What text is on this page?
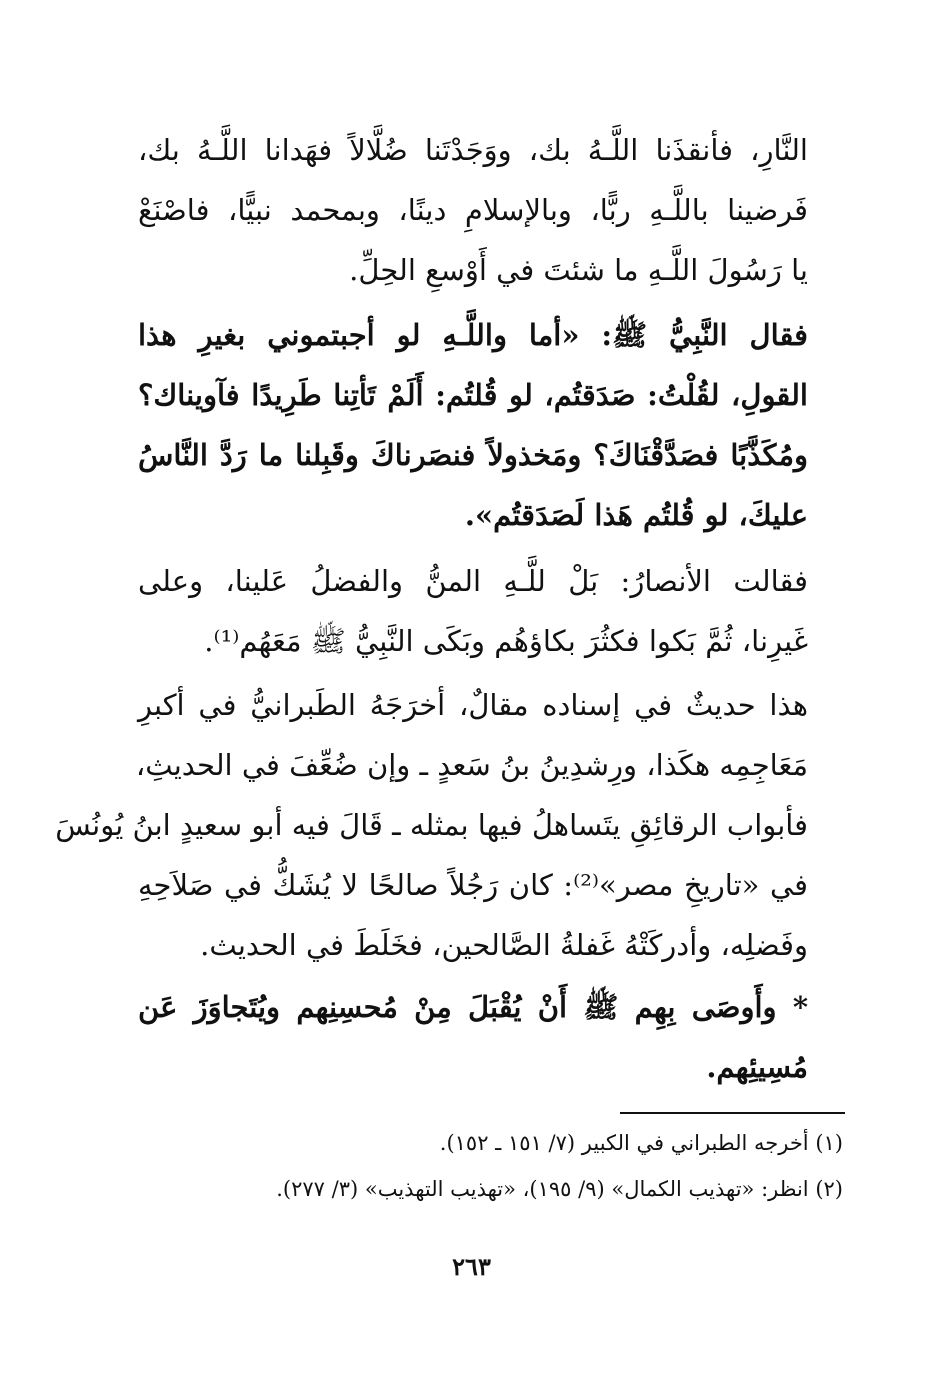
النَّارِ، فأنقذَنا اللَّـهُ بك، ووَجَدْتَنا ضُلَّالاً فهَدانا اللَّـهُ بك،
فَرضينا باللَّـهِ ربًّا، وبالإسلامِ دينًا، وبمحمد نبيًّا، فاصْنَعْ
يا رَسُولَ اللَّـهِ ما شئتَ في أَوْسعِ الحِلِّ.
فقال النَّبِيُّ ﷺ: «أما واللَّـهِ لو أجبتموني بغيرِ هذا
القولِ، لقُلْتُ: صَدَقتُم، لو قُلتُم: أَلَمْ تَأتِنا طَرِيدًا فآويناك؟
ومُكَذَّبًا فصَدَّقْنَاكَ؟ ومَخذولاً فنصَرناكَ وقَبِلنا ما رَدَّ النَّاسُ
عليكَ، لو قُلتُم هَذا لَصَدَقتُم».
فقالت الأنصارُ: بَلْ للَّـهِ المنُّ والفضلُ عَلينا، وعلى
غَيرِنا، ثُمَّ بَكوا فكثُرَ بكاؤهُم وبَكَى النَّبِيُّ ﷺ مَعَهُم⁽¹⁾.
هذا حديثٌ في إسناده مقالٌ، أخرَجَهُ الطَبرانيُّ في أكبرِ
مَعَاجِمِه هكَذا، ورِشدِينُ بنُ سَعدٍ ـ وإن ضُعِّفَ في الحديثِ،
فأبواب الرقائِقِ يتَساهلُ فيها بمثله ـ قَالَ فيه أبو سعيدٍ ابنُ يُونُسَ
في «تاريخِ مصر»⁽²⁾: كان رَجُلاً صالحًا لا يُشَكُّ في صَلاَحِهِ
وفَضلِه، وأدركَتْهُ غَفلةُ الصَّالحين، فخَلَطَ في الحديث.
* وأَوصَى بِهِم ﷺ أَنْ يُقْبَلَ مِنْ مُحسِنِهم ويُتَجاوَزَ عَن
مُسِيئِهم.
(١) أخرجه الطبراني في الكبير (٧/ ١٥١ ـ ١٥٢).
(٢) انظر: «تهذيب الكمال» (٩/ ١٩٥)، «تهذيب التهذيب» (٣/ ٢٧٧).
٢٦٣
